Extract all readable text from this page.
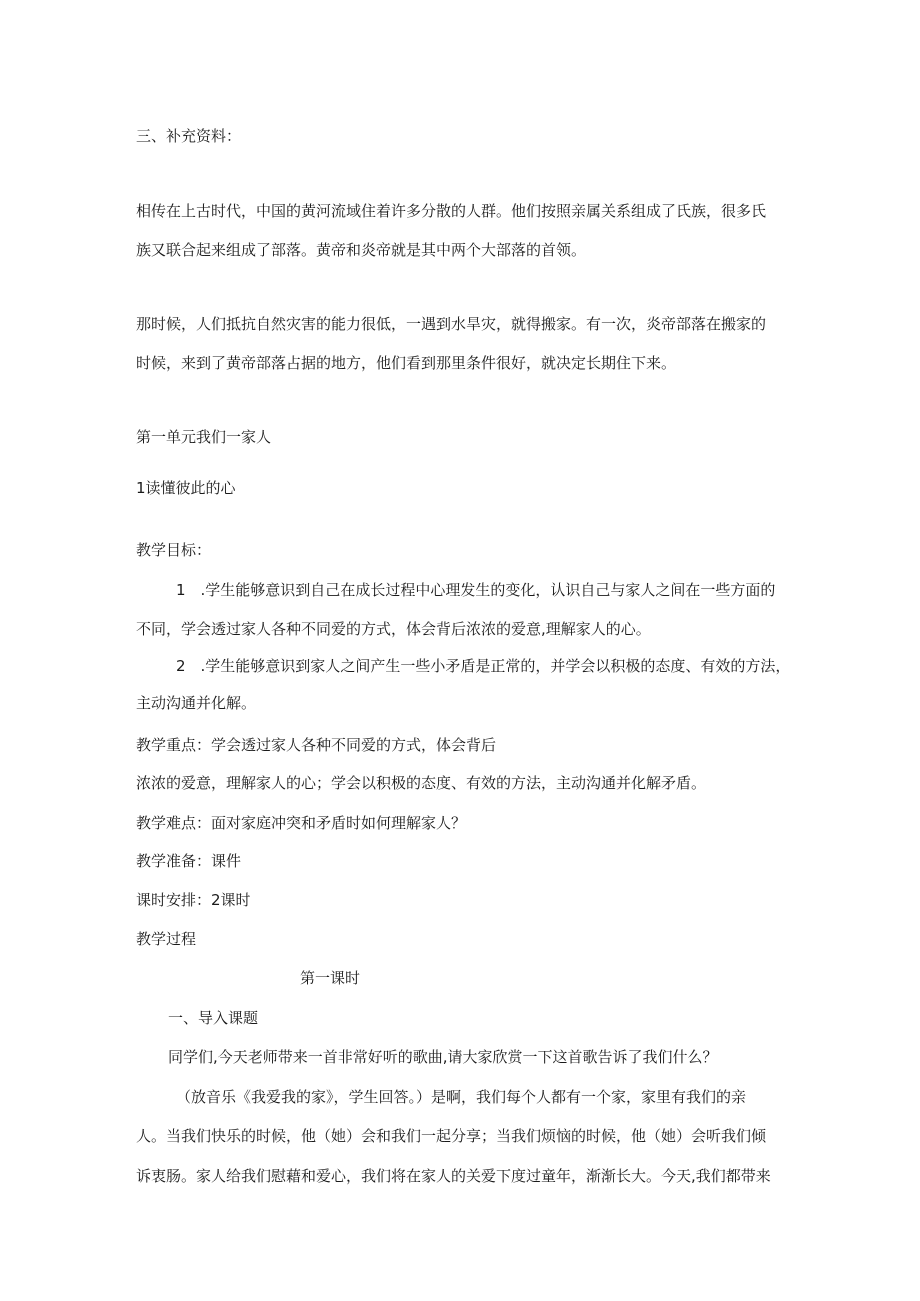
三、补充资料：
相传在上古时代，中国的黄河流域住着许多分散的人群。他们按照亲属关系组成了氏族，很多氏
族又联合起来组成了部落。黄帝和炎帝就是其中两个大部落的首领。
那时候，人们抵抗自然灾害的能力很低，一遇到水旱灾，就得搬家。有一次，炎帝部落在搬家的
时候，来到了黄帝部落占据的地方，他们看到那里条件很好，就决定长期住下来。
第一单元我们一家人
1读懂彼此的心
教学目标：
1　.学生能够意识到自己在成长过程中心理发生的变化，认识自己与家人之间在一些方面的
不同，学会透过家人各种不同爱的方式，体会背后浓浓的爱意,理解家人的心。
2　.学生能够意识到家人之间产生一些小矛盾是正常的，并学会以积极的态度、有效的方法，
主动沟通并化解。
教学重点：学会透过家人各种不同爱的方式，体会背后
浓浓的爱意，理解家人的心；学会以积极的态度、有效的方法，主动沟通并化解矛盾。
教学难点：面对家庭冲突和矛盾时如何理解家人？
教学准备：课件
课时安排：2课时
教学过程
第一课时
一、导入课题
同学们,今天老师带来一首非常好听的歌曲,请大家欣赏一下这首歌告诉了我们什么？
（放音乐《我爱我的家》，学生回答。）是啊，我们每个人都有一个家，家里有我们的亲
人。当我们快乐的时候，他（她）会和我们一起分享；当我们烦恼的时候，他（她）会听我们倾
诉衷肠。家人给我们慰藉和爱心，我们将在家人的关爱下度过童年，渐渐长大。今天,我们都带来
